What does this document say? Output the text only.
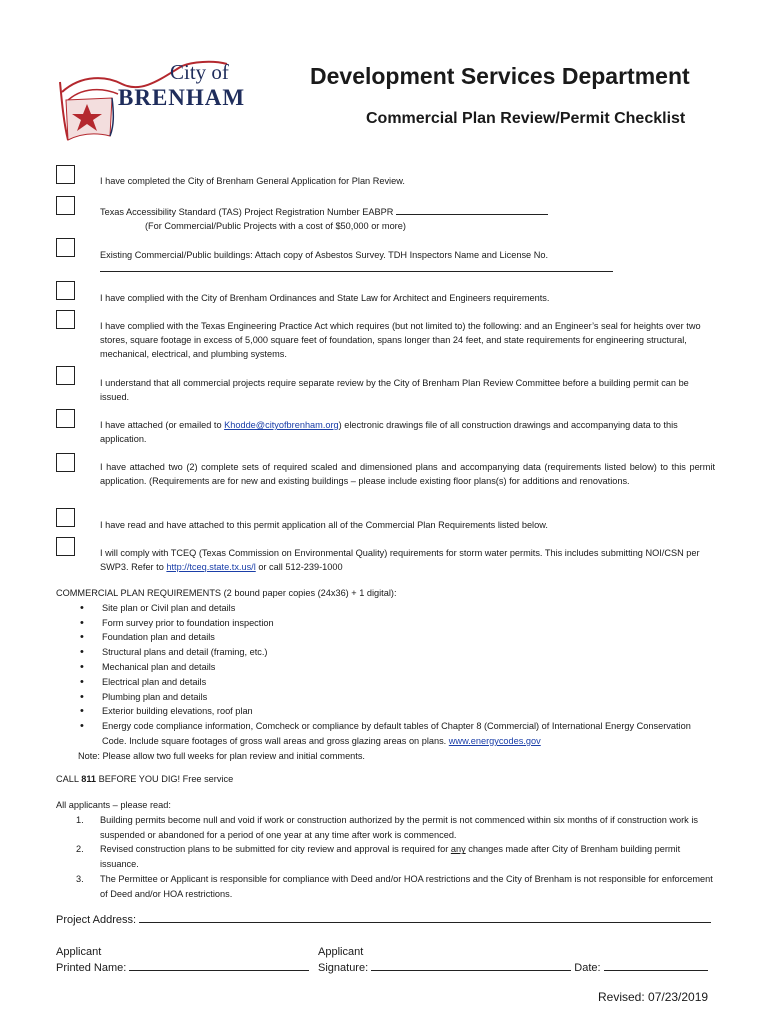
City of
BRENHAM
Development Services Department
Commercial Plan Review/Permit Checklist
I have completed the City of Brenham General Application for Plan Review.
Texas Accessibility Standard (TAS) Project Registration Number EABPR
(For Commercial/Public Projects with a cost of $50,000 or more)
Existing Commercial/Public buildings: Attach copy of Asbestos Survey. TDH Inspectors Name and License No.
I have complied with the City of Brenham Ordinances and State Law for Architect and Engineers requirements.
I have complied with the Texas Engineering Practice Act which requires (but not limited to) the following: and an Engineer’s seal for heights over two stores, square footage in excess of 5,000 square feet of foundation, spans longer than 24 feet, and state requirements for engineering structural, mechanical, electrical, and plumbing systems.
I understand that all commercial projects require separate review by the City of Brenham Plan Review Committee before a building permit can be issued.
I have attached (or emailed to Khodde@cityofbrenham.org) electronic drawings file of all construction drawings and accompanying data to this application.
I have attached two (2) complete sets of required scaled and dimensioned plans and accompanying data (requirements listed below) to this permit application. (Requirements are for new and existing buildings – please include existing floor plans(s) for additions and renovations.
I have read and have attached to this permit application all of the Commercial Plan Requirements listed below.
I will comply with TCEQ (Texas Commission on Environmental Quality) requirements for storm water permits. This includes submitting NOI/CSN per SWP3. Refer to http://tceq.state.tx.us/l or call 512-239-1000
COMMERCIAL PLAN REQUIREMENTS (2 bound paper copies (24x36) + 1 digital):
• Site plan or Civil plan and details
• Form survey prior to foundation inspection
• Foundation plan and details
• Structural plans and detail (framing, etc.)
• Mechanical plan and details
• Electrical plan and details
• Plumbing plan and details
• Exterior building elevations, roof plan
• Energy code compliance information, Comcheck or compliance by default tables of Chapter 8 (Commercial) of International Energy Conservation Code. Include square footages of gross wall areas and gross glazing areas on plans. www.energycodes.gov
Note: Please allow two full weeks for plan review and initial comments.
CALL 811 BEFORE YOU DIG! Free service
All applicants – please read:
1. Building permits become null and void if work or construction authorized by the permit is not commenced within six months of if construction work is suspended or abandoned for a period of one year at any time after work is commenced.
2. Revised construction plans to be submitted for city review and approval is required for any changes made after City of Brenham building permit issuance.
3. The Permittee or Applicant is responsible for compliance with Deed and/or HOA restrictions and the City of Brenham is not responsible for enforcement of Deed and/or HOA restrictions.
Project Address:
Applicant
Printed Name:
Applicant
Signature:	Date:
Revised: 07/23/2019
